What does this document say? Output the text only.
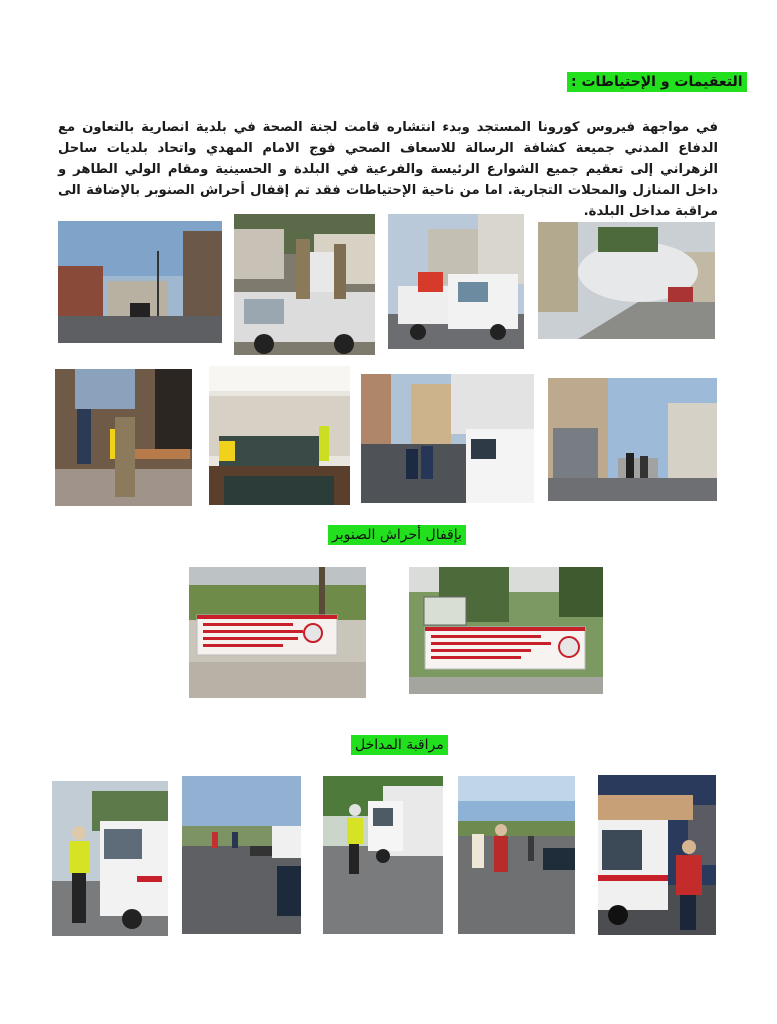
التعقيمات و الإحتياطات :
في مواجهة فيروس كورونا المستجد وبدء انتشاره قامت لجنة الصحة في بلدية انصارية بالتعاون مع الدفاع المدني جميعة كشافة الرسالة للاسعاف الصحي فوج الامام المهدي واتحاد بلديات ساحل الزهراني إلى تعقيم جميع الشوارع الرئيسة والفرعية في البلدة و الحسينية ومقام الولي الطاهر و داخل المنازل والمحلات التجارية. اما من ناحية الإحتياطات فقد تم إقفال أحراش الصنوبر بالإضافة الى مراقبة مداخل البلدة.
بإقفال أحراش الصنوبر
مراقبة المداخل
